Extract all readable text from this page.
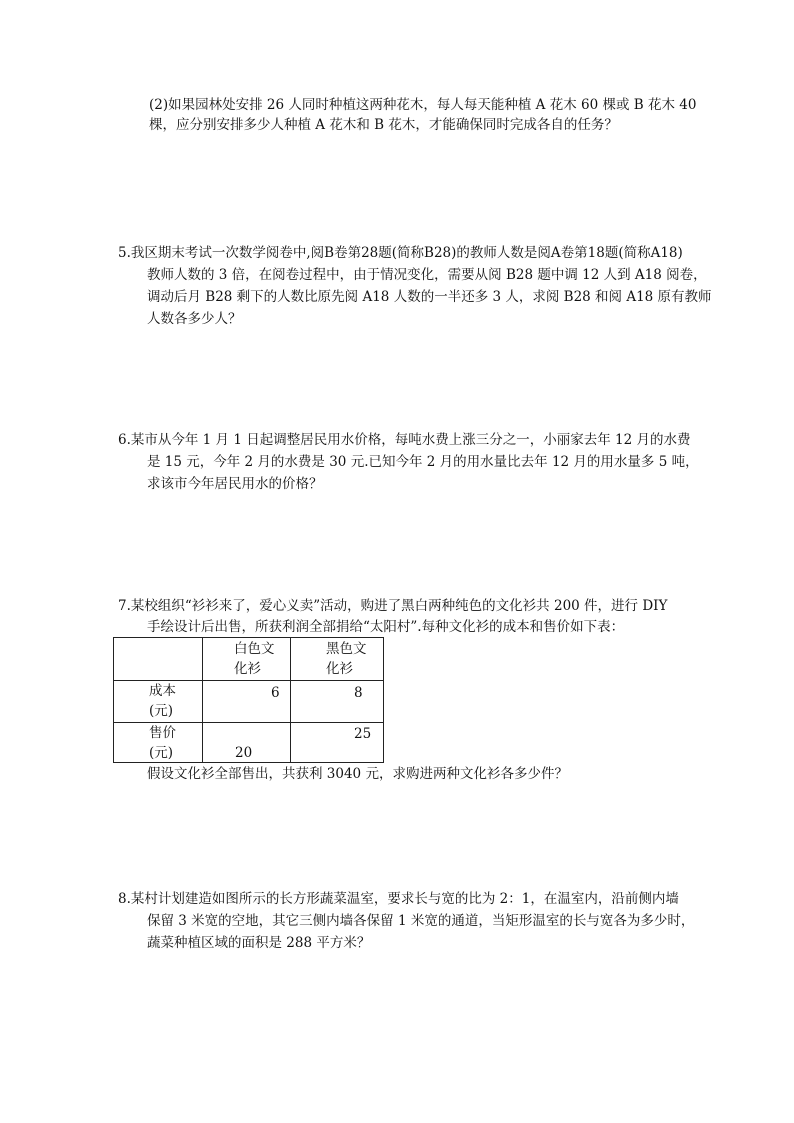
(2)如果园林处安排 26 人同时种植这两种花木，每人每天能种植 A 花木 60 棵或 B 花木 40
棵，应分别安排多少人种植 A 花木和 B 花木，才能确保同时完成各自的任务？
5.我区期末考试一次数学阅卷中,阅B卷第28题(简称B28)的教师人数是阅A卷第18题(简称A18)
教师人数的 3 倍，在阅卷过程中，由于情况变化，需要从阅 B28 题中调 12 人到 A18 阅卷，
调动后月 B28 剩下的人数比原先阅 A18 人数的一半还多 3 人，求阅 B28 和阅 A18 原有教师
人数各多少人？
6.某市从今年 1 月 1 日起调整居民用水价格，每吨水费上涨三分之一，小丽家去年 12 月的水费
是 15 元，今年 2 月的水费是 30 元.已知今年 2 月的用水量比去年 12 月的用水量多 5 吨，
求该市今年居民用水的价格？
7.某校组织“衫衫来了，爱心义卖”活动，购进了黑白两种纯色的文化衫共 200 件，进行 DIY
手绘设计后出售，所获利润全部捐给“太阳村”.每种文化衫的成本和售价如下表：
白色文
化衫
黑色文
化衫
成本
(元)
6	8
售价
(元)	20
25
假设文化衫全部售出，共获利 3040 元，求购进两种文化衫各多少件？
8.某村计划建造如图所示的长方形蔬菜温室，要求长与宽的比为 2：1，在温室内，沿前侧内墙
保留 3 米宽的空地，其它三侧内墙各保留 1 米宽的通道，当矩形温室的长与宽各为多少时，
蔬菜种植区域的面积是 288 平方米？
